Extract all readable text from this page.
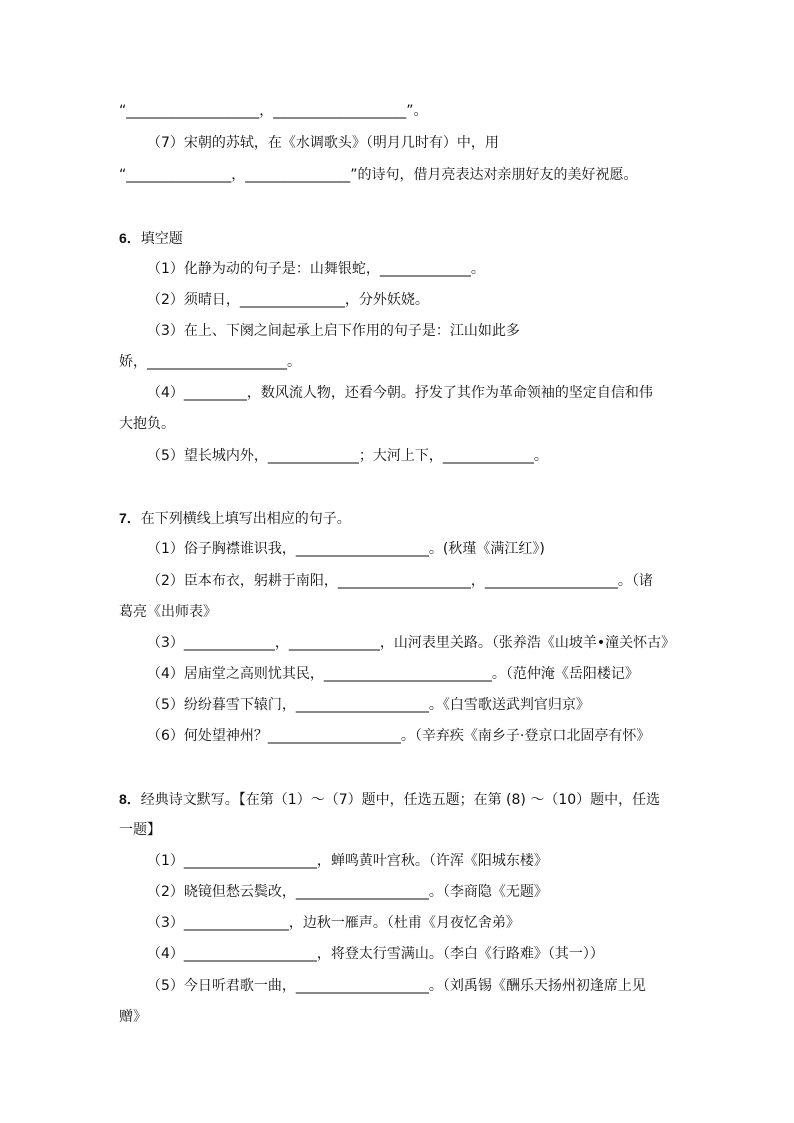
“___________________，___________________”。
（7）宋朝的苏轼，在《水调歌头》（明月几时有）中，用
“_______________，_______________”的诗句，借月亮表达对亲朋好友的美好祝愿。
6．填空题
（1）化静为动的句子是：山舞银蛇，_____________。
（2）须晴日，_______________，分外妖娆。
（3）在上、下阕之间起承上启下作用的句子是：江山如此多
娇，____________________。
（4）_________，数风流人物，还看今朝。抒发了其作为革命领袖的坚定自信和伟
大抱负。
（5）望长城内外，_____________；大河上下，_____________。
7．在下列横线上填写出相应的句子。
（1）俗子胸襟谁识我，___________________。(秋瑾《满江红》)
（2）臣本布衣，躬耕于南阳，___________________，___________________。（诸
葛亮《出师表》
（3）_____________，_____________，山河表里关路。（张养浩《山坡羊•潼关怀古》
（4）居庙堂之高则忧其民，________________________。（范仲淹《岳阳楼记》
（5）纷纷暮雪下辕门，___________________。《白雪歌送武判官归京》
（6）何处望神州？___________________。（辛弃疾《南乡子·登京口北固亭有怀》
8．经典诗文默写。【在第（1）～（7）题中，任选五题；在第 (8) ～（10）题中，任选
一题】
（1）___________________，蝉鸣黄叶宫秋。（许浑《阳城东楼》
（2）晓镜但愁云鬓改，___________________。（李商隐《无题》
（3）_______________，边秋一雁声。（杜甫《月夜忆舍弟》
（4）___________________，将登太行雪满山。（李白《行路难》（其一））
（5）今日听君歌一曲，___________________。（刘禹锡《酬乐天扬州初逢席上见
赠》
